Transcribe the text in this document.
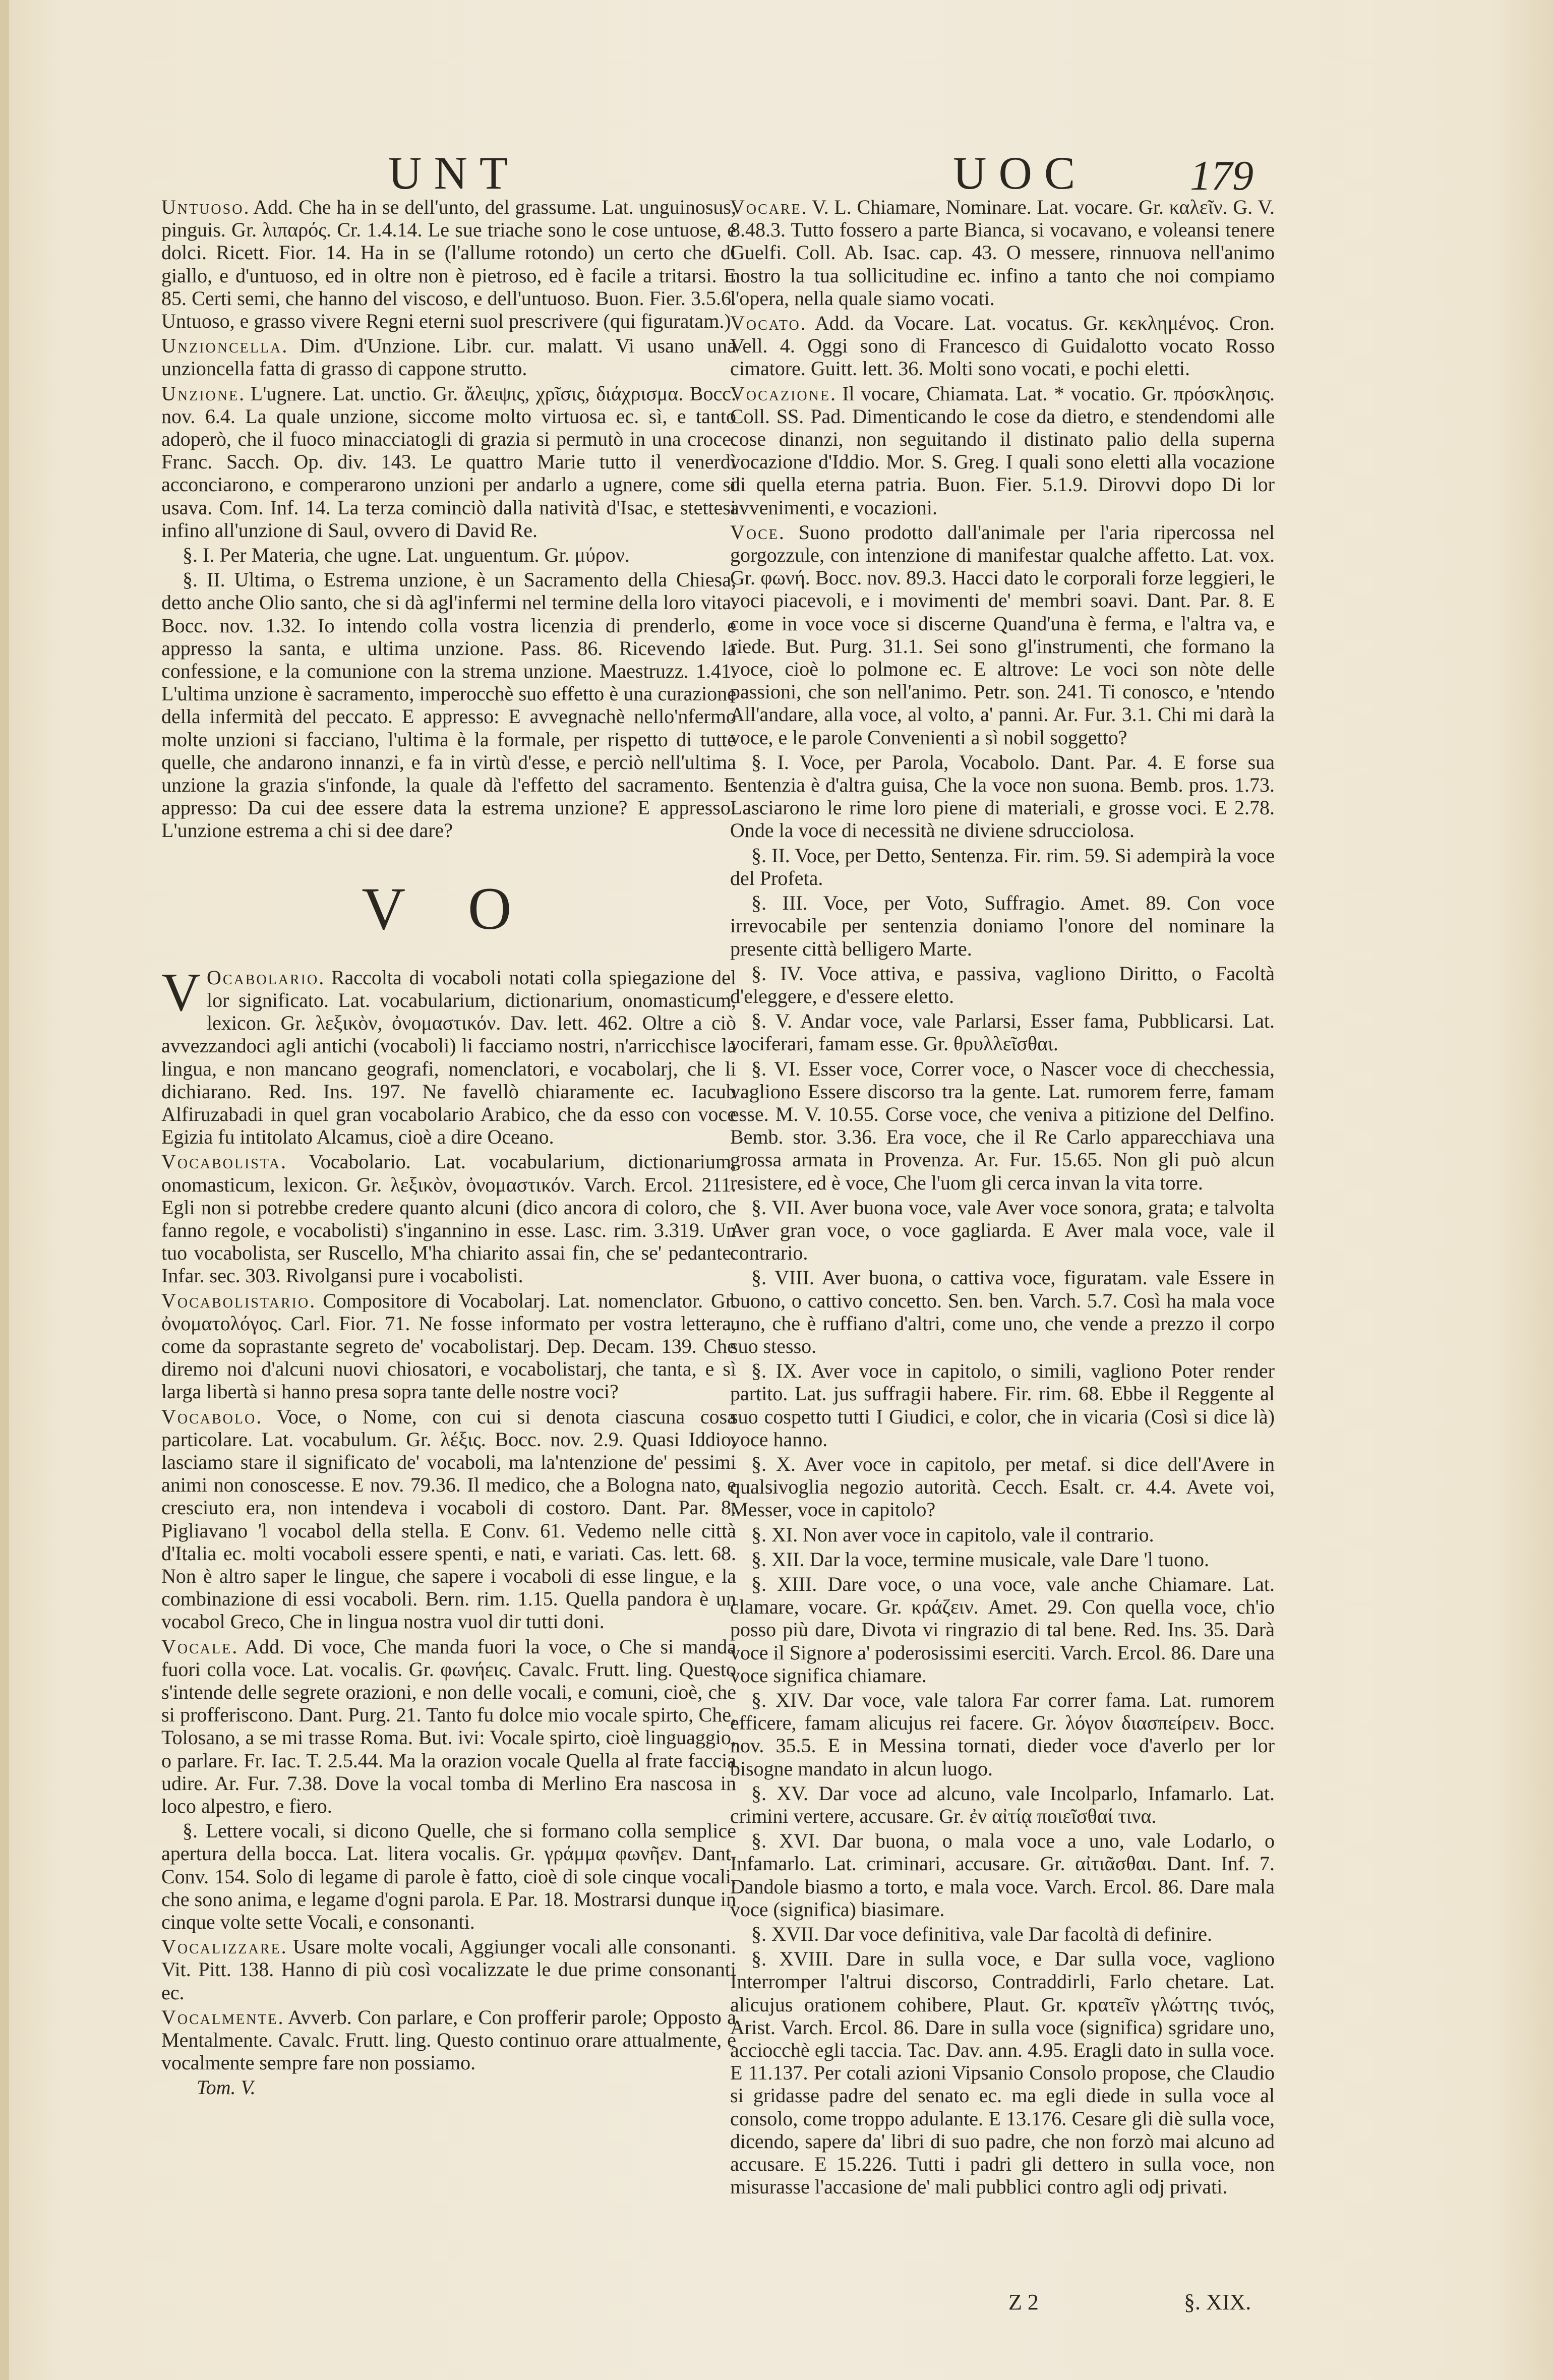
UNT	UOC 179
Untuoso. Add. Che ha in se dell'unto, del grassume. Lat. unguinosus, pinguis. Gr. λιπαρός. Cr. 1.4.14. Le sue triache sono le cose untuose, e dolci. Ricett. Fior. 14. Ha in se (l'allume rotondo) un certo che di giallo, e d'untuoso, ed in oltre non è pietroso, ed è facile a tritarsi. E 85. Certi semi, che hanno del viscoso, e dell'untuoso. Buon. Fier. 3.5.6. Untuoso, e grasso vivere Regni eterni suol prescrivere (qui figuratam.)
Unzioncella. Dim. d'Unzione. Libr. cur. malatt. Vi usano una unzioncella fatta di grasso di cappone strutto.
Unzione. L'ugnere. Lat. unctio. Gr. ἄλειψις, χρῖσις, διάχρισμα. Bocc. nov. 6.4. La quale unzione, siccome molto virtuosa ec. sì, e tanto adoperò, che il fuoco minacciatogli di grazia si permutò in una croce. Franc. Sacch. Op. div. 143. Le quattro Marie tutto il venerdì acconciarono, e comperarono unzioni per andarlo a ugnere, come si usava. Com. Inf. 14. La terza cominciò dalla natività d'Isac, e stettesi infino all'unzione di Saul, ovvero di David Re.
§. I. Per Materia, che ugne. Lat. unguentum. Gr. μύρον.
§. II. Ultima, o Estrema unzione, è un Sacramento della Chiesa, detto anche Olio santo, che si dà agl'infermi nel termine della loro vita. Bocc. nov. 1.32. Io intendo colla vostra licenzia di prenderlo, e appresso la santa, e ultima unzione. Pass. 86. Ricevendo la confessione, e la comunione con la strema unzione. Maestruzz. 1.41. L'ultima unzione è sacramento, imperocchè suo effetto è una curazione della infermità del peccato. E appresso: E avvegnachè nello'nfermo molte unzioni si facciano, l'ultima è la formale, per rispetto di tutte quelle, che andarono innanzi, e fa in virtù d'esse, e perciò nell'ultima unzione la grazia s'infonde, la quale dà l'effetto del sacramento. E appresso: Da cui dee essere data la estrema unzione? E appresso: L'unzione estrema a chi si dee dare?
V O
V Ocabolario. Raccolta di vocaboli notati colla spiegazione del lor significato. Lat. vocabularium, dictionarium, onomasticum, lexicon. Gr. λεξικὸν, ὀνομαστικόν. Dav. lett. 462. Oltre a ciò avvezzandoci agli antichi (vocaboli) li facciamo nostri, n'arricchisce la lingua, e non mancano geografi, nomenclatori, e vocabolarj, che li dichiarano. Red. Ins. 197. Ne favellò chiaramente ec. Iacub Alfiruzabadi in quel gran vocabolario Arabico, che da esso con voce Egizia fu intitolato Alcamus, cioè a dire Oceano.
Vocabolista. Vocabolario. Lat. vocabularium, dictionarium, onomasticum, lexicon. Gr. λεξικὸν, ὀνομαστικόν. Varch. Ercol. 211. Egli non si potrebbe credere quanto alcuni (dico ancora di coloro, che fanno regole, e vocabolisti) s'ingannino in esse. Lasc. rim. 3.319. Un tuo vocabolista, ser Ruscello, M'ha chiarito assai fin, che se' pedante. Infar. sec. 303. Rivolgansi pure i vocabolisti.
Vocabolistario. Compositore di Vocabolarj. Lat. nomenclator. Gr. ὀνοματολόγος. Carl. Fior. 71. Ne fosse informato per vostra lettera, come da soprastante segreto de' vocabolistarj. Dep. Decam. 139. Che diremo noi d'alcuni nuovi chiosatori, e vocabolistarj, che tanta, e sì larga libertà si hanno presa sopra tante delle nostre voci?
Vocabolo. Voce, o Nome, con cui si denota ciascuna cosa particolare. Lat. vocabulum. Gr. λέξις. Bocc. nov. 2.9. Quasi Iddio, lasciamo stare il significato de' vocaboli, ma la'ntenzione de' pessimi animi non conoscesse. E nov. 79.36. Il medico, che a Bologna nato, e cresciuto era, non intendeva i vocaboli di costoro. Dant. Par. 8. Pigliavano 'l vocabol della stella. E Conv. 61. Vedemo nelle città d'Italia ec. molti vocaboli essere spenti, e nati, e variati. Cas. lett. 68. Non è altro saper le lingue, che sapere i vocaboli di esse lingue, e la combinazione di essi vocaboli. Bern. rim. 1.15. Quella pandora è un vocabol Greco, Che in lingua nostra vuol dir tutti doni.
Vocale. Add. Di voce, Che manda fuori la voce, o Che si manda fuori colla voce. Lat. vocalis. Gr. φωνήεις. Cavalc. Frutt. ling. Questo s'intende delle segrete orazioni, e non delle vocali, e comuni, cioè, che si profferiscono. Dant. Purg. 21. Tanto fu dolce mio vocale spirto, Che, Tolosano, a se mi trasse Roma. But. ivi: Vocale spirto, cioè linguaggio, o parlare. Fr. Iac. T. 2.5.44. Ma la orazion vocale Quella al frate faccia udire. Ar. Fur. 7.38. Dove la vocal tomba di Merlino Era nascosa in loco alpestro, e fiero.
§. Lettere vocali, si dicono Quelle, che si formano colla semplice apertura della bocca. Lat. litera vocalis. Gr. γράμμα φωνῆεν. Dant. Conv. 154. Solo di legame di parole è fatto, cioè di sole cinque vocali, che sono anima, e legame d'ogni parola. E Par. 18. Mostrarsi dunque in cinque volte sette Vocali, e consonanti.
Vocalizzare. Usare molte vocali, Aggiunger vocali alle consonanti. Vit. Pitt. 138. Hanno di più così vocalizzate le due prime consonanti ec.
Vocalmente. Avverb. Con parlare, e Con profferir parole; Opposto a Mentalmente. Cavalc. Frutt. ling. Questo continuo orare attualmente, e vocalmente sempre fare non possiamo.
Tom. V.
Vocare. V. L. Chiamare, Nominare. Lat. vocare. Gr. καλεῖν. G. V. 8.48.3. Tutto fossero a parte Bianca, si vocavano, e voleansi tenere Guelfi. Coll. Ab. Isac. cap. 43. O messere, rinnuova nell'animo nostro la tua sollicitudine ec. infino a tanto che noi compiamo l'opera, nella quale siamo vocati.
Vocato. Add. da Vocare. Lat. vocatus. Gr. κεκλημένος. Cron. Vell. 4. Oggi sono di Francesco di Guidalotto vocato Rosso cimatore. Guitt. lett. 36. Molti sono vocati, e pochi eletti.
Vocazione. Il vocare, Chiamata. Lat. * vocatio. Gr. πρόσκλησις. Coll. SS. Pad. Dimenticando le cose da dietro, e stendendomi alle cose dinanzi, non seguitando il distinato palio della superna vocazione d'Iddio. Mor. S. Greg. I quali sono eletti alla vocazione di quella eterna patria. Buon. Fier. 5.1.9. Dirovvi dopo Di lor avvenimenti, e vocazioni.
Voce. Suono prodotto dall'animale per l'aria ripercossa nel gorgozzule, con intenzione di manifestar qualche affetto. Lat. vox. Gr. φωνή. Bocc. nov. 89.3. Hacci dato le corporali forze leggieri, le voci piacevoli, e i movimenti de' membri soavi. Dant. Par. 8. E come in voce voce si discerne Quand'una è ferma, e l'altra va, e riede. But. Purg. 31.1. Sei sono gl'instrumenti, che formano la voce, cioè lo polmone ec. E altrove: Le voci son nòte delle passioni, che son nell'animo. Petr. son. 241. Ti conosco, e 'ntendo All'andare, alla voce, al volto, a' panni. Ar. Fur. 3.1. Chi mi darà la voce, e le parole Convenienti a sì nobil soggetto?
§. I. Voce, per Parola, Vocabolo. Dant. Par. 4. E forse sua sentenzia è d'altra guisa, Che la voce non suona. Bemb. pros. 1.73. Lasciarono le rime loro piene di materiali, e grosse voci. E 2.78. Onde la voce di necessità ne diviene sdrucciolosa.
§. II. Voce, per Detto, Sentenza. Fir. rim. 59. Si adempirà la voce del Profeta.
§. III. Voce, per Voto, Suffragio. Amet. 89. Con voce irrevocabile per sentenzia doniamo l'onore del nominare la presente città belligero Marte.
§. IV. Voce attiva, e passiva, vagliono Diritto, o Facoltà d'eleggere, e d'essere eletto.
§. V. Andar voce, vale Parlarsi, Esser fama, Pubblicarsi. Lat. vociferari, famam esse. Gr. θρυλλεῖσθαι.
§. VI. Esser voce, Correr voce, o Nascer voce di checchessia, vagliono Essere discorso tra la gente. Lat. rumorem ferre, famam esse. M. V. 10.55. Corse voce, che veniva a pitizione del Delfino. Bemb. stor. 3.36. Era voce, che il Re Carlo apparecchiava una grossa armata in Provenza. Ar. Fur. 15.65. Non gli può alcun resistere, ed è voce, Che l'uom gli cerca invan la vita torre.
§. VII. Aver buona voce, vale Aver voce sonora, grata; e talvolta Aver gran voce, o voce gagliarda. E Aver mala voce, vale il contrario.
§. VIII. Aver buona, o cattiva voce, figuratam. vale Essere in buono, o cattivo concetto. Sen. ben. Varch. 5.7. Così ha mala voce uno, che è ruffiano d'altri, come uno, che vende a prezzo il corpo suo stesso.
§. IX. Aver voce in capitolo, o simili, vagliono Poter render partito. Lat. jus suffragii habere. Fir. rim. 68. Ebbe il Reggente al suo cospetto tutti I Giudici, e color, che in vicaria (Così si dice là) voce hanno.
§. X. Aver voce in capitolo, per metaf. si dice dell'Avere in qualsivoglia negozio autorità. Cecch. Esalt. cr. 4.4. Avete voi, Messer, voce in capitolo?
§. XI. Non aver voce in capitolo, vale il contrario.
§. XII. Dar la voce, termine musicale, vale Dare 'l tuono.
§. XIII. Dare voce, o una voce, vale anche Chiamare. Lat. clamare, vocare. Gr. κράζειν. Amet. 29. Con quella voce, ch'io posso più dare, Divota vi ringrazio di tal bene. Red. Ins. 35. Darà voce il Signore a' poderosissimi eserciti. Varch. Ercol. 86. Dare una voce significa chiamare.
§. XIV. Dar voce, vale talora Far correr fama. Lat. rumorem efficere, famam alicujus rei facere. Gr. λόγον διασπείρειν. Bocc. nov. 35.5. E in Messina tornati, dieder voce d'averlo per lor bisogne mandato in alcun luogo.
§. XV. Dar voce ad alcuno, vale Incolparlo, Infamarlo. Lat. crimini vertere, accusare. Gr. ἐν αἰτίᾳ ποιεῖσθαί τινα.
§. XVI. Dar buona, o mala voce a uno, vale Lodarlo, o Infamarlo. Lat. criminari, accusare. Gr. αἰτιᾶσθαι. Dant. Inf. 7. Dandole biasmo a torto, e mala voce. Varch. Ercol. 86. Dare mala voce (significa) biasimare.
§. XVII. Dar voce definitiva, vale Dar facoltà di definire.
§. XVIII. Dare in sulla voce, e Dar sulla voce, vagliono Interromper l'altrui discorso, Contraddirli, Farlo chetare. Lat. alicujus orationem cohibere, Plaut. Gr. κρατεῖν γλώττης τινός, Arist. Varch. Ercol. 86. Dare in sulla voce (significa) sgridare uno, acciocchè egli taccia. Tac. Dav. ann. 4.95. Eragli dato in sulla voce. E 11.137. Per cotali azioni Vipsanio Consolo propose, che Claudio si gridasse padre del senato ec. ma egli diede in sulla voce al consolo, come troppo adulante. E 13.176. Cesare gli diè sulla voce, dicendo, sapere da' libri di suo padre, che non forzò mai alcuno ad accusare. E 15.226. Tutti i padri gli dettero in sulla voce, non misurasse l'accasione de' mali pubblici contro agli odj privati.
Z 2	§. XIX.
